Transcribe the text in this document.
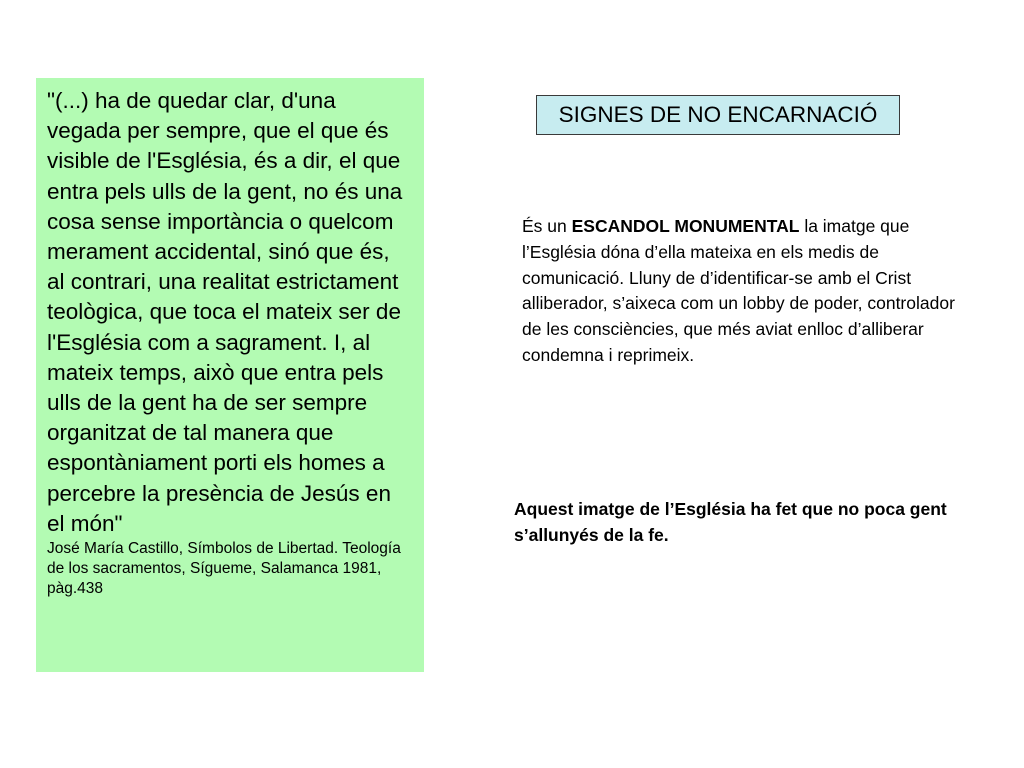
"(...) ha de quedar clar, d'una vegada per sempre, que el que és visible de l'Església, és a dir, el que entra pels ulls de la gent, no és una cosa sense importància o quelcom merament accidental, sinó que és, al contrari, una realitat estrictament teològica, que toca el mateix ser de l'Església com a sagrament. I, al mateix temps, això que entra pels ulls de la gent ha de ser sempre organitzat de tal manera que espontàniament porti els homes a percebre la presència de Jesús en el món"

José María Castillo, Símbolos de Libertad. Teología de los sacramentos, Sígueme, Salamanca 1981, pàg.438

SIGNES DE NO ENCARNACIÓ

És un ESCANDOL MONUMENTAL la imatge que l’Església dóna d’ella mateixa en els medis de comunicació. Lluny de d’identificar-se amb el Crist alliberador, s’aixeca com un lobby de poder, controlador de les consciències, que més aviat enlloc d’alliberar condemna i reprimeix.

Aquest imatge de l’Església ha fet que no poca gent s’allunyés de la fe.
